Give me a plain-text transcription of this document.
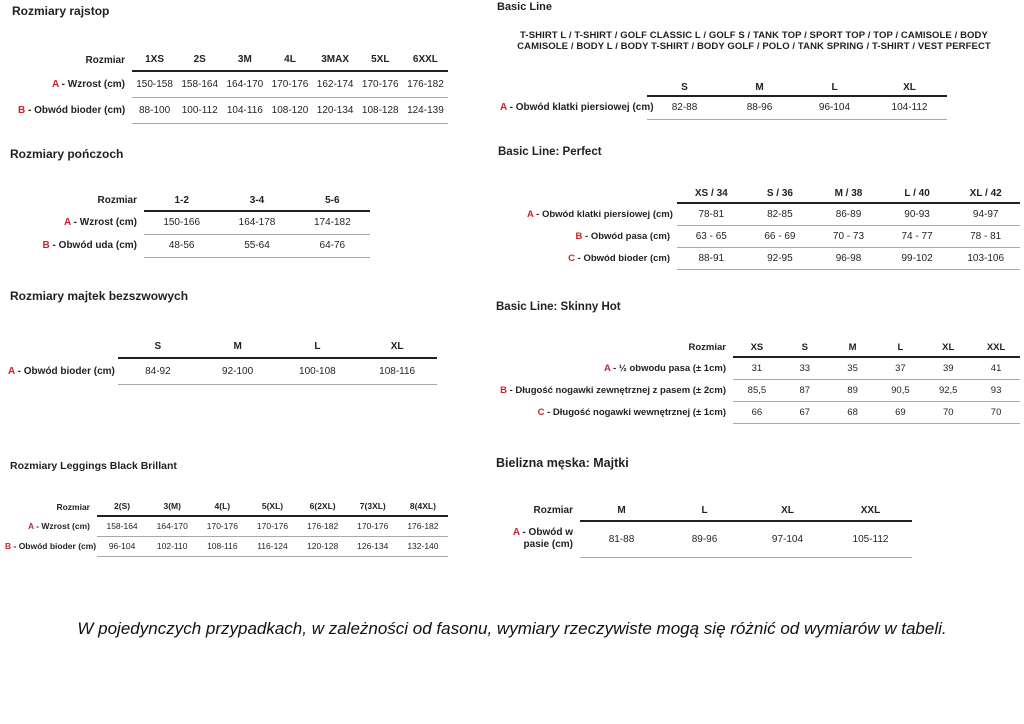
Rozmiary rajstop
Rozmiar	1XS	2S	3M	4L	3MAX	5XL	6XXL
A - Wzrost (cm)	150-158	158-164	164-170	170-176	162-174	170-176	176-182
B - Obwód bioder (cm)	88-100	100-112	104-116	108-120	120-134	108-128	124-139
Rozmiary pończoch
Rozmiar	1-2	3-4	5-6
A - Wzrost (cm)	150-166	164-178	174-182
B - Obwód uda (cm)	48-56	55-64	64-76
Rozmiary majtek bezszwowych
	S	M	L	XL
A - Obwód bioder (cm)	84-92	92-100	100-108	108-116
Rozmiary Leggings Black Brillant
Rozmiar	2(S)	3(M)	4(L)	5(XL)	6(2XL)	7(3XL)	8(4XL)
A - Wzrost (cm)	158-164	164-170	170-176	170-176	176-182	170-176	176-182
B - Obwód bioder (cm)	96-104	102-110	108-116	116-124	120-128	126-134	132-140
Basic Line
T-SHIRT L / T-SHIRT / GOLF CLASSIC L / GOLF S / TANK TOP / SPORT TOP / TOP / CAMISOLE / BODY
CAMISOLE / BODY L / BODY T-SHIRT / BODY GOLF / POLO / TANK SPRING / T-SHIRT / VEST PERFECT
	S	M	L	XL
A - Obwód klatki piersiowej (cm)	82-88	88-96	96-104	104-112
Basic Line: Perfect
	XS / 34	S / 36	M / 38	L / 40	XL / 42
A - Obwód klatki piersiowej (cm)	78-81	82-85	86-89	90-93	94-97
B - Obwód pasa (cm)	63 - 65	66 - 69	70 - 73	74 - 77	78 - 81
C - Obwód bioder (cm)	88-91	92-95	96-98	99-102	103-106
Basic Line: Skinny Hot
Rozmiar	XS	S	M	L	XL	XXL
A - ½ obwodu pasa (± 1cm)	31	33	35	37	39	41
B - Długość nogawki zewnętrznej z pasem (± 2cm)	85,5	87	89	90,5	92,5	93
C - Długość nogawki wewnętrznej (± 1cm)	66	67	68	69	70	70
Bielizna męska: Majtki
Rozmiar	M	L	XL	XXL
A - Obwód w pasie (cm)	81-88	89-96	97-104	105-112

W pojedynczych przypadkach, w zależności od fasonu, wymiary rzeczywiste mogą się różnić od wymiarów w tabeli.
